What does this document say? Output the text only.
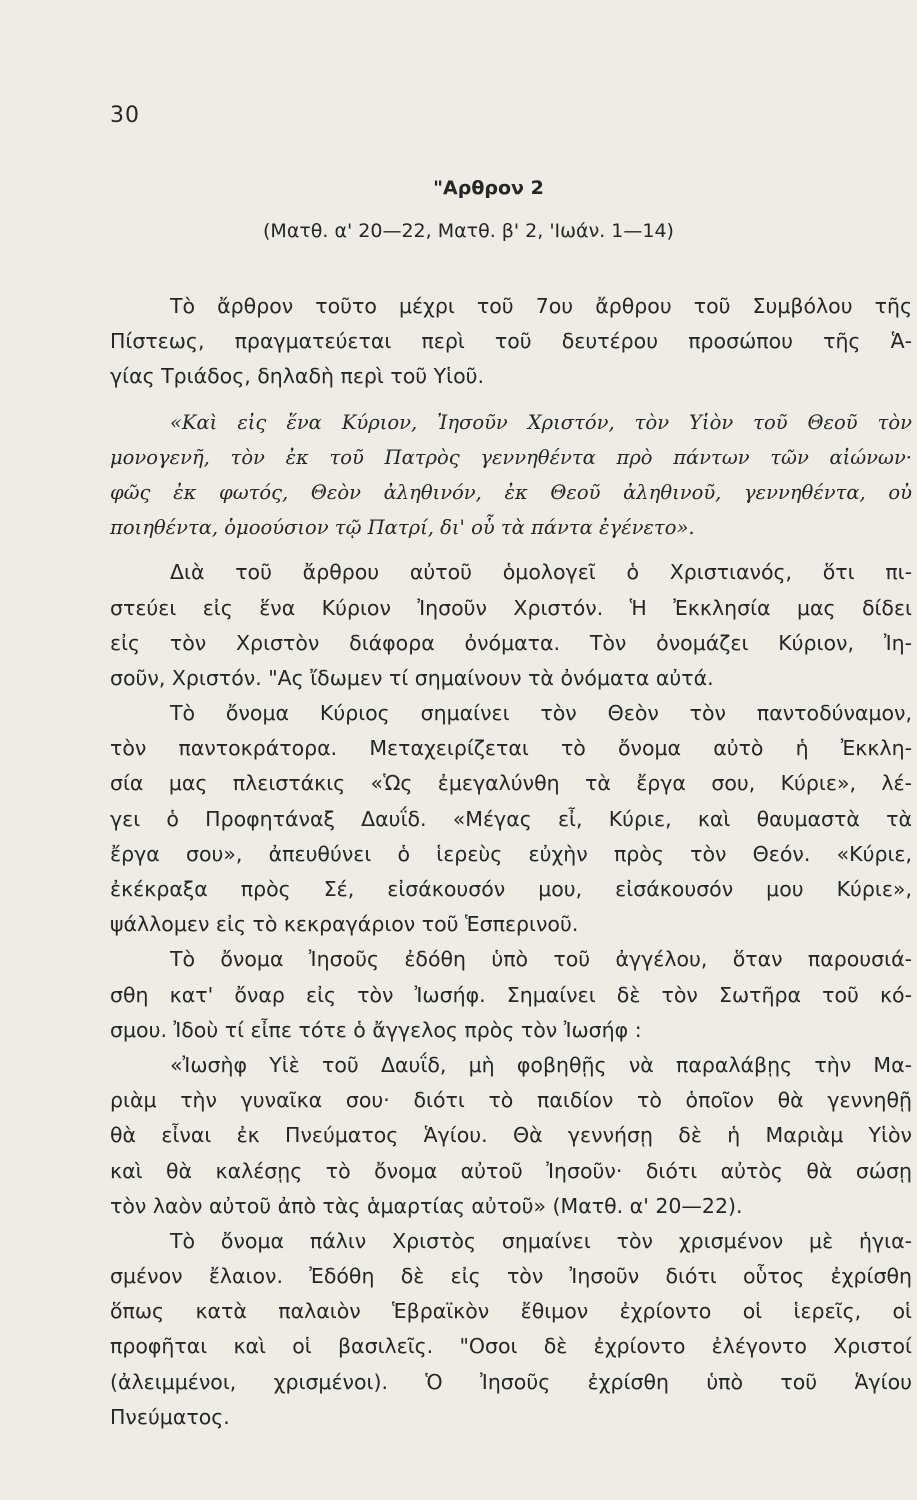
30
"Αρθρον 2
(Ματθ. α' 20—22, Ματθ. β' 2, 'Ιωάν. 1—14)
Τὸ ἄρθρον τοῦτο μέχρι τοῦ 7ου ἄρθρου τοῦ Συμβόλου τῆς
Πίστεως, πραγματεύεται περὶ τοῦ δευτέρου προσώπου τῆς Ἁ-
γίας Τριάδος, δηλαδὴ περὶ τοῦ Υἱοῦ.
«Καὶ εἰς ἕνα Κύριον, Ἰησοῦν Χριστόν, τὸν Υἱὸν τοῦ Θεοῦ τὸν
μονογενῆ, τὸν ἐκ τοῦ Πατρὸς γεννηθέντα πρὸ πάντων τῶν αἰώνων·
φῶς ἐκ φωτός, Θεὸν ἀληθινόν, ἐκ Θεοῦ ἀληθινοῦ, γεννηθέντα, οὐ
ποιηθέντα, ὁμοούσιον τῷ Πατρί, δι' οὗ τὰ πάντα ἐγένετο».
Διὰ τοῦ ἄρθρου αὐτοῦ ὁμολογεῖ ὁ Χριστιανός, ὅτι πι-
στεύει εἰς ἕνα Κύριον Ἰησοῦν Χριστόν. Ἡ Ἐκκλησία μας δίδει
εἰς τὸν Χριστὸν διάφορα ὀνόματα. Τὸν ὀνομάζει Κύριον, Ἰη-
σοῦν, Χριστόν. "Ας ἴδωμεν τί σημαίνουν τὰ ὀνόματα αὐτά.
Τὸ ὄνομα Κύριος σημαίνει τὸν Θεὸν τὸν παντοδύναμον,
τὸν παντοκράτορα. Μεταχειρίζεται τὸ ὄνομα αὐτὸ ἡ Ἐκκλη-
σία μας πλειστάκις «Ὡς ἐμεγαλύνθη τὰ ἔργα σου, Κύριε», λέ-
γει ὁ Προφητάναξ Δαυΐδ. «Μέγας εἶ, Κύριε, καὶ θαυμαστὰ τὰ
ἔργα σου», ἀπευθύνει ὁ ἱερεὺς εὐχὴν πρὸς τὸν Θεόν. «Κύριε,
ἐκέκραξα πρὸς Σέ, εἰσάκουσόν μου, εἰσάκουσόν μου Κύριε»,
ψάλλομεν εἰς τὸ κεκραγάριον τοῦ Ἑσπερινοῦ.
Τὸ ὄνομα Ἰησοῦς ἐδόθη ὑπὸ τοῦ ἀγγέλου, ὅταν παρουσιά-
σθη κατ' ὄναρ εἰς τὸν Ἰωσήφ. Σημαίνει δὲ τὸν Σωτῆρα τοῦ κό-
σμου. Ἰδοὺ τί εἶπε τότε ὁ ἄγγελος πρὸς τὸν Ἰωσήφ :
«Ἰωσὴφ Υἱὲ τοῦ Δαυΐδ, μὴ φοβηθῇς νὰ παραλάβῃς τὴν Μα-
ριὰμ τὴν γυναῖκα σου· διότι τὸ παιδίον τὸ ὁποῖον θὰ γεννηθῇ
θὰ εἶναι ἐκ Πνεύματος Ἁγίου. Θὰ γεννήσῃ δὲ ἡ Μαριὰμ Υἱὸν
καὶ θὰ καλέσῃς τὸ ὄνομα αὐτοῦ Ἰησοῦν· διότι αὐτὸς θὰ σώσῃ
τὸν λαὸν αὐτοῦ ἀπὸ τὰς ἁμαρτίας αὐτοῦ» (Ματθ. α' 20—22).
Τὸ ὄνομα πάλιν Χριστὸς σημαίνει τὸν χρισμένον μὲ ἡγια-
σμένον ἔλαιον. Ἐδόθη δὲ εἰς τὸν Ἰησοῦν διότι οὗτος ἐχρίσθη
ὅπως κατὰ παλαιὸν Ἑβραϊκὸν ἔθιμον ἐχρίοντο οἱ ἱερεῖς, οἱ
προφῆται καὶ οἱ βασιλεῖς. "Οσοι δὲ ἐχρίοντο ἐλέγοντο Χριστοί
(ἀλειμμένοι, χρισμένοι). Ὁ Ἰησοῦς ἐχρίσθη ὑπὸ τοῦ Ἁγίου
Πνεύματος.
